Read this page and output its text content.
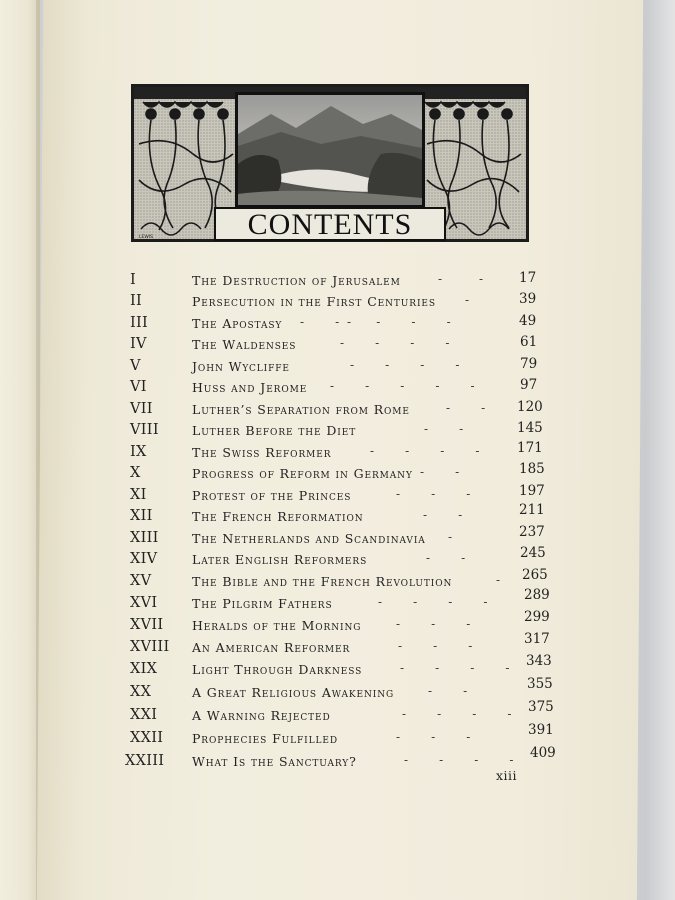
CONTENTS
LEWIS
I	The Destruction of Jerusalem	-      -	17
II	Persecution in the First Centuries -	39
III	The Apostasy -     - -    -     -     -	49
IV	The Waldenses	-     -     -     -	61
V	John Wycliffe	-     -     -     -	79
VI	Huss and Jerome -     -     -     -     -	97
VII	Luther’s Separation from Rome	-     - 120
VIII	Luther Before the Diet	-     -	145
IX	The Swiss Reformer	-     -     -     -	171
X	Progress of Reform in Germany -     -	185
XI	Protest of the Princes	-     -     -	197
XII	The French Reformation	-     -	211
XIII	The Netherlands and Scandinavia -	237
XIV	Later English Reformers	-     -	245
XV	The Bible and the French Revolution	- 265
XVI	The Pilgrim Fathers	-     -     -     -	289
XVII Heralds of the Morning	-     -     -	299
XVIII An American Reformer	-     -     -	317
XIX	Light Through Darkness	-     -     -     - 343
XX	A Great Religious Awakening	-     -	355
XXI	A Warning Rejected	-     -     -     - 375
XXII Prophecies Fulfilled	-     -     -	391
XXIII What Is the Sanctuary?	-     -     -     - 409
xiii
